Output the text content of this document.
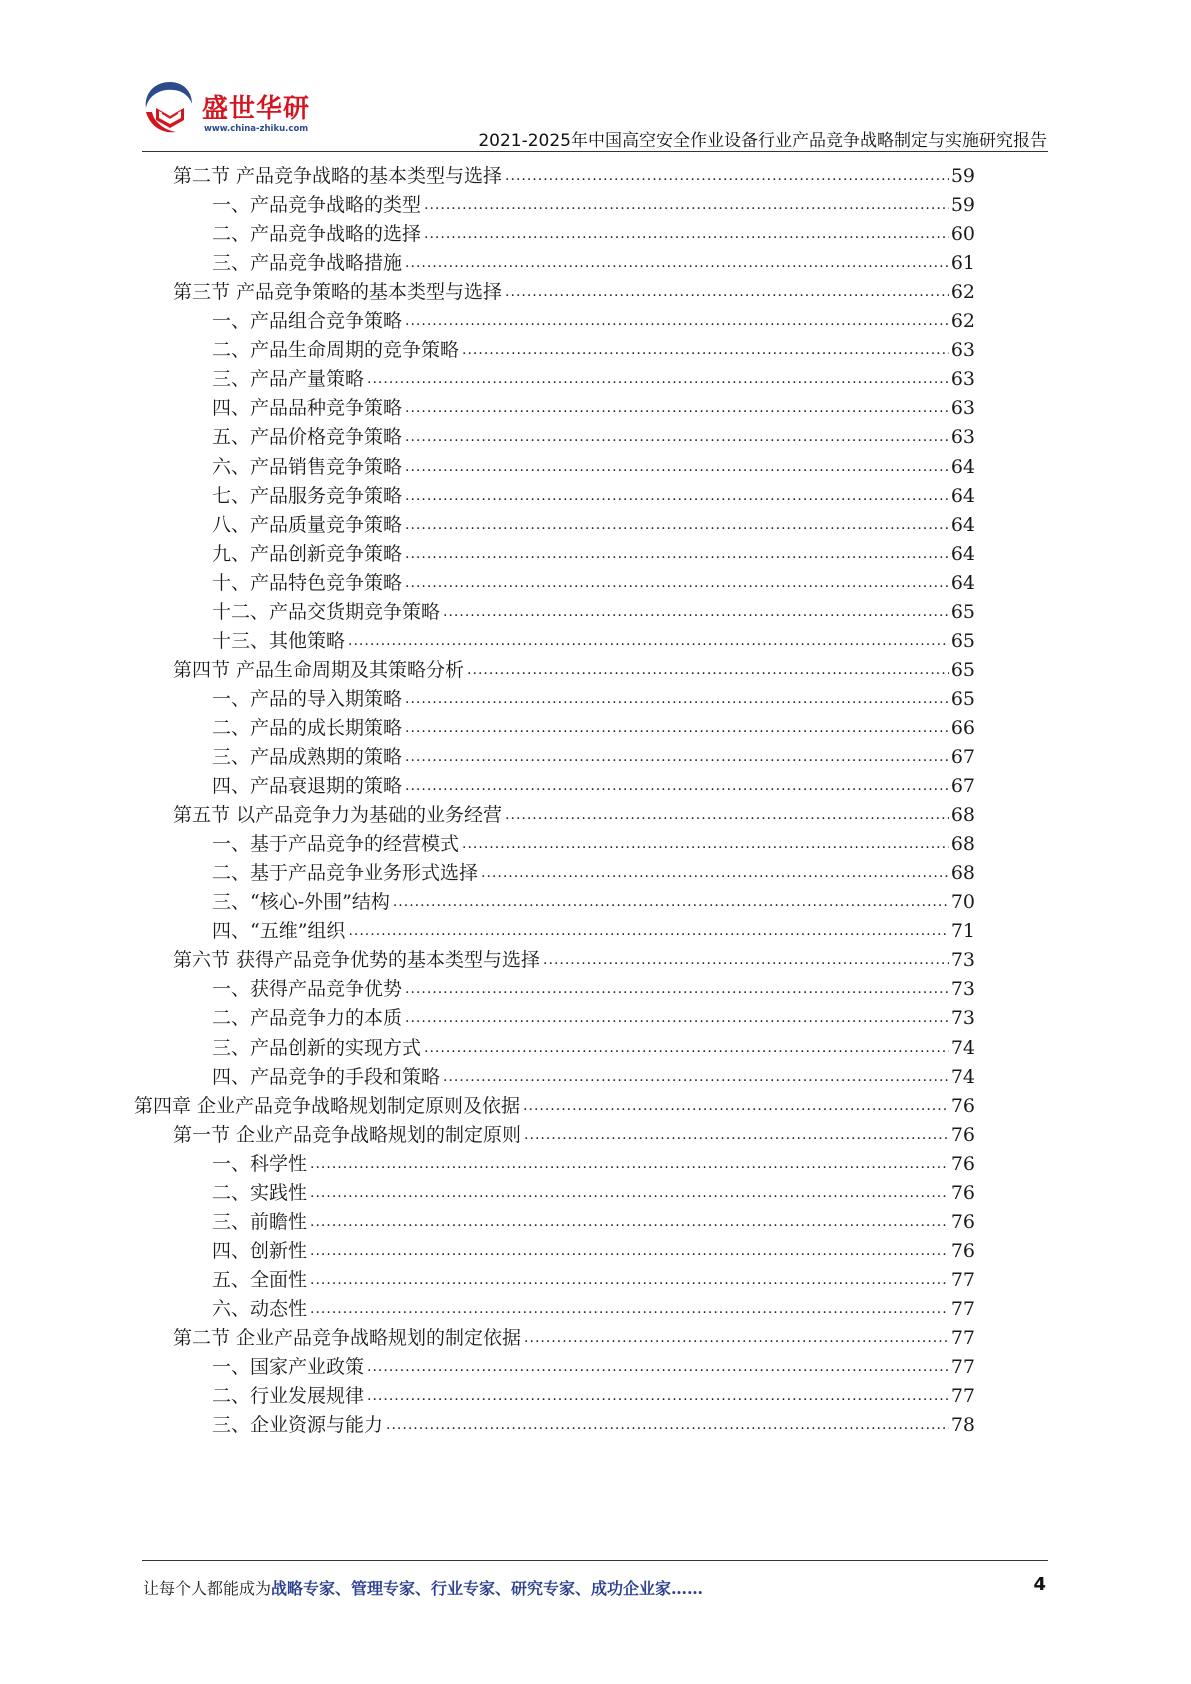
盛世华研
www.china-zhiku.com
2021-2025年中国高空安全作业设备行业产品竞争战略制定与实施研究报告
第二节 产品竞争战略的基本类型与选择 .....	59
一、产品竞争战略的类型 .....	59
二、产品竞争战略的选择 .....	60
三、产品竞争战略措施 .....	61
第三节 产品竞争策略的基本类型与选择 .....	62
一、产品组合竞争策略 .....	62
二、产品生命周期的竞争策略 .....	63
三、产品产量策略 .....	63
四、产品品种竞争策略 .....	63
五、产品价格竞争策略 .....	63
六、产品销售竞争策略 .....	64
七、产品服务竞争策略 .....	64
八、产品质量竞争策略 .....	64
九、产品创新竞争策略 .....	64
十、产品特色竞争策略 .....	64
十二、产品交货期竞争策略 .....	65
十三、其他策略 .....	65
第四节 产品生命周期及其策略分析 .....	65
一、产品的导入期策略 .....	65
二、产品的成长期策略 .....	66
三、产品成熟期的策略 .....	67
四、产品衰退期的策略 .....	67
第五节 以产品竞争力为基础的业务经营 .....	68
一、基于产品竞争的经营模式 .....	68
二、基于产品竞争业务形式选择 .....	68
三、“核心-外围”结构 .....	70
四、“五维”组织 .....	71
第六节 获得产品竞争优势的基本类型与选择 .....	73
一、获得产品竞争优势 .....	73
二、产品竞争力的本质 .....	73
三、产品创新的实现方式 .....	74
四、产品竞争的手段和策略 .....	74
第四章 企业产品竞争战略规划制定原则及依据 .....	76
第一节 企业产品竞争战略规划的制定原则 .....	76
一、科学性 .....	76
二、实践性 .....	76
三、前瞻性 .....	76
四、创新性 .....	76
五、全面性 .....	77
六、动态性 .....	77
第二节 企业产品竞争战略规划的制定依据 .....	77
一、国家产业政策 .....	77
二、行业发展规律 .....	77
三、企业资源与能力 .....	78
让每个人都能成为战略专家、管理专家、行业专家、研究专家、成功企业家……	4
